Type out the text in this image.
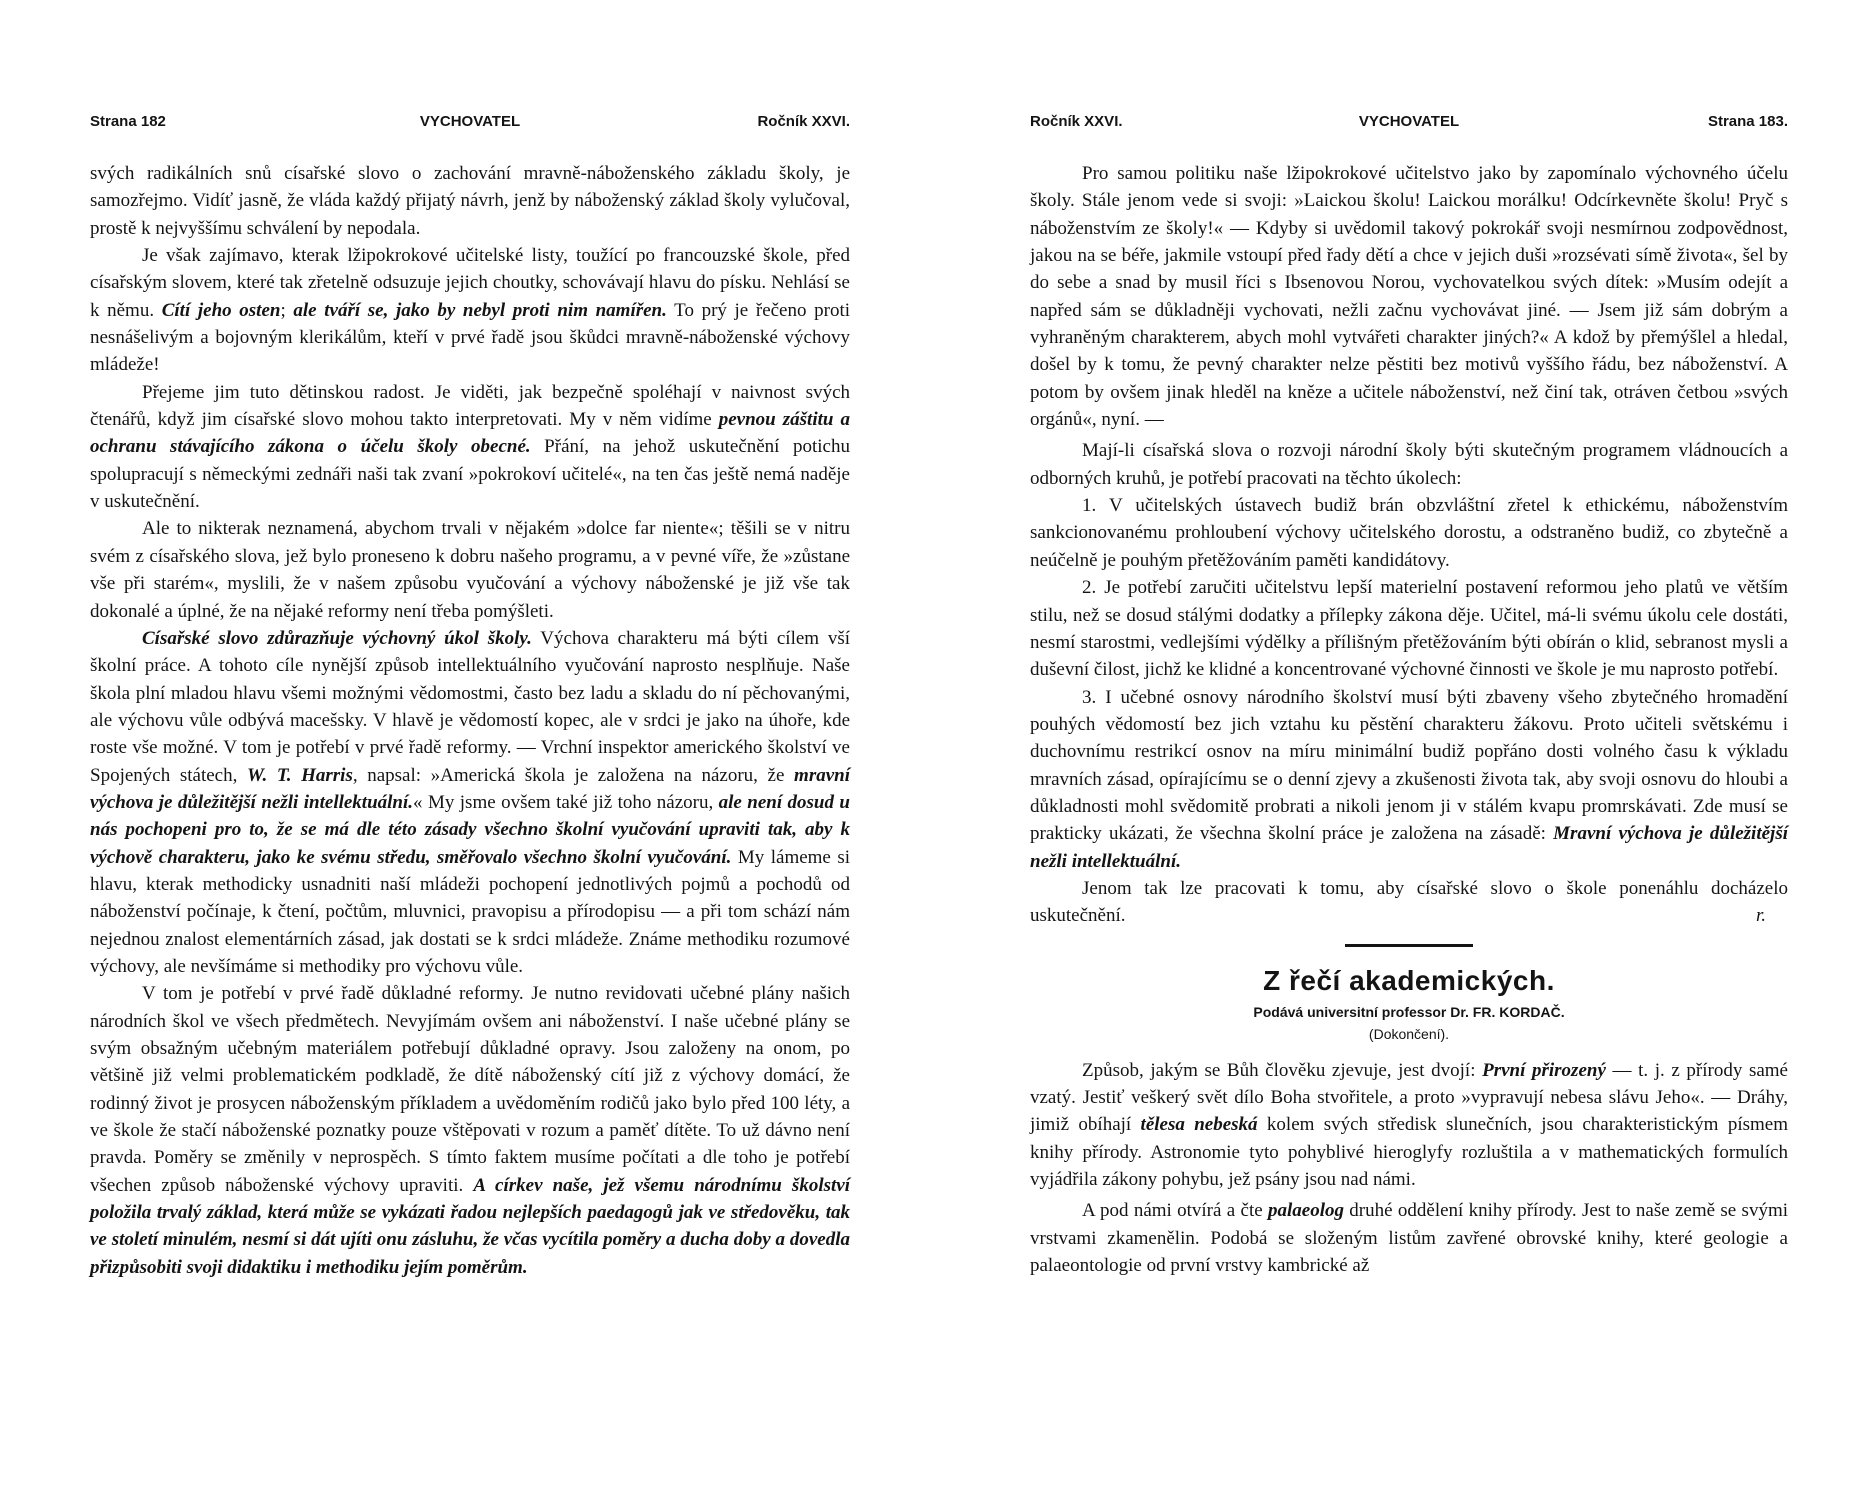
Strana 182	VYCHOVATEL	Ročník XXVI.

svých radikálních snů císařské slovo o zachování mravně-náboženského základu školy, je samozřejmo. Vidíť jasně, že vláda každý přijatý návrh, jenž by náboženský základ školy vylučoval, prostě k nejvyššímu schválení by nepodala.

Je však zajímavo, kterak lžipokrokové učitelské listy, toužící po francouzské škole, před císařským slovem, které tak zřetelně odsuzuje jejich choutky, schovávají hlavu do písku. Nehlásí se k němu. Cítí jeho osten; ale tváří se, jako by nebyl proti nim namířen. To prý je řečeno proti nesnášelivým a bojovným klerikálům, kteří v prvé řadě jsou škůdci mravně-náboženské výchovy mládeže!

Přejeme jim tuto dětinskou radost. Je viděti, jak bezpečně spoléhají v naivnost svých čtenářů, když jim císařské slovo mohou takto interpretovati. My v něm vidíme pevnou záštitu a ochranu stávajícího zákona o účelu školy obecné. Přání, na jehož uskutečnění potichu spolupracují s německými zednáři naši tak zvaní »pokrokoví učitelé«, na ten čas ještě nemá naděje v uskutečnění.

Ale to nikterak neznamená, abychom trvali v nějakém »dolce far niente«; těšili se v nitru svém z císařského slova, jež bylo proneseno k dobru našeho programu, a v pevné víře, že »zůstane vše při starém«, myslili, že v našem způsobu vyučování a výchovy náboženské je již vše tak dokonalé a úplné, že na nějaké reformy není třeba pomýšleti.

Císařské slovo zdůrazňuje výchovný úkol školy. Výchova charakteru má býti cílem vší školní práce. A tohoto cíle nynější způsob intellektuálního vyučování naprosto nesplňuje. Naše škola plní mladou hlavu všemi možnými vědomostmi, často bez ladu a skladu do ní pěchovanými, ale výchovu vůle odbývá macešsky. V hlavě je vědomostí kopec, ale v srdci je jako na úhoře, kde roste vše možné. V tom je potřebí v prvé řadě reformy. — Vrchní inspektor amerického školství ve Spojených státech, W. T. Harris, napsal: »Americká škola je založena na názoru, že mravní výchova je důležitější nežli intellektuální.« My jsme ovšem také již toho názoru, ale není dosud u nás pochopeni pro to, že se má dle této zásady všechno školní vyučování upraviti tak, aby k výchově charakteru, jako ke svému středu, směřovalo všechno školní vyučování. My lámeme si hlavu, kterak methodicky usnadniti naší mládeži pochopení jednotlivých pojmů a pochodů od náboženství počínaje, k čtení, počtům, mluvnici, pravopisu a přírodopisu — a při tom schází nám nejednou znalost elementárních zásad, jak dostati se k srdci mládeže. Známe methodiku rozumové výchovy, ale nevšímáme si methodiky pro výchovu vůle.

V tom je potřebí v prvé řadě důkladné reformy. Je nutno revidovati učebné plány našich národních škol ve všech předmětech. Nevyjímám ovšem ani náboženství. I naše učebné plány se svým obsažným učebným materiálem potřebují důkladné opravy. Jsou založeny na onom, po většině již velmi problematickém podkladě, že dítě náboženský cítí již z výchovy domácí, že rodinný život je prosycen náboženským příkladem a uvědoměním rodičů jako bylo před 100 léty, a ve škole že stačí náboženské poznatky pouze vštěpovati v rozum a paměť dítěte. To už dávno není pravda. Poměry se změnily v neprospěch. S tímto faktem musíme počítati a dle toho je potřebí všechen způsob náboženské výchovy upraviti. A církev naše, jež všemu národnímu školství položila trvalý základ, která může se vykázati řadou nejlepších paedagogů jak ve středověku, tak ve století minulém, nesmí si dát ujíti onu zásluhu, že včas vycítila poměry a ducha doby a dovedla přizpůsobiti svoji didaktiku i methodiku jejím poměrům.

Ročník XXVI.	VYCHOVATEL	Strana 183.

Pro samou politiku naše lžipokrokové učitelstvo jako by zapomínalo výchovného účelu školy. Stále jenom vede si svoji: »Laickou školu! Laickou morálku! Odcírkevněte školu! Pryč s náboženstvím ze školy!« — Kdyby si uvědomil takový pokrokář svoji nesmírnou zodpovědnost, jakou na se béře, jakmile vstoupí před řady dětí a chce v jejich duši »rozsévati símě života«, šel by do sebe a snad by musil říci s Ibsenovou Norou, vychovatelkou svých dítek: »Musím odejít a napřed sám se důkladněji vychovati, nežli začnu vychovávat jiné. — Jsem již sám dobrým a vyhraněným charakterem, abych mohl vytvářeti charakter jiných?« A kdož by přemýšlel a hledal, došel by k tomu, že pevný charakter nelze pěstiti bez motivů vyššího řádu, bez náboženství. A potom by ovšem jinak hleděl na kněze a učitele náboženství, než činí tak, otráven četbou »svých orgánů«, nyní. —

Mají-li císařská slova o rozvoji národní školy býti skutečným programem vládnoucích a odborných kruhů, je potřebí pracovati na těchto úkolech:

1. V učitelských ústavech budiž brán obzvláštní zřetel k ethickému, náboženstvím sankcionovanému prohloubení výchovy učitelského dorostu, a odstraněno budiž, co zbytečně a neúčelně je pouhým přetěžováním paměti kandidátovy.

2. Je potřebí zaručiti učitelstvu lepší materielní postavení reformou jeho platů ve větším stilu, než se dosud stálými dodatky a přílepky zákona děje. Učitel, má-li svému úkolu cele dostáti, nesmí starostmi, vedlejšími výdělky a přílišným přetěžováním býti obírán o klid, sebranost mysli a duševní čilost, jichž ke klidné a koncentrované výchovné činnosti ve škole je mu naprosto potřebí.

3. I učebné osnovy národního školství musí býti zbaveny všeho zbytečného hromadění pouhých vědomostí bez jich vztahu ku pěstění charakteru žákovu. Proto učiteli světskému i duchovnímu restrikcí osnov na míru minimální budiž popřáno dosti volného času k výkladu mravních zásad, opírajícímu se o denní zjevy a zkušenosti života tak, aby svoji osnovu do hloubi a důkladnosti mohl svědomitě probrati a nikoli jenom ji v stálém kvapu promrskávati. Zde musí se prakticky ukázati, že všechna školní práce je založena na zásadě: Mravní výchova je důležitější nežli intellektuální.

Jenom tak lze pracovati k tomu, aby císařské slovo o škole ponenáhlu docházelo uskutečnění.	r.

Z řečí akademických.

Podává universitní professor Dr. FR. KORDAČ.

(Dokončení).

Způsob, jakým se Bůh člověku zjevuje, jest dvojí: První přirozený — t. j. z přírody samé vzatý. Jestiť veškerý svět dílo Boha stvořitele, a proto »vypravují nebesa slávu Jeho«. — Dráhy, jimiž obíhají tělesa nebeská kolem svých středisk slunečních, jsou charakteristickým písmem knihy přírody. Astronomie tyto pohyblivé hieroglyfy rozluštila a v mathematických formulích vyjádřila zákony pohybu, jež psány jsou nad námi.

A pod námi otvírá a čte palaeolog druhé oddělení knihy přírody. Jest to naše země se svými vrstvami zkamenělin. Podobá se složeným listům zavřené obrovské knihy, které geologie a palaeontologie od první vrstvy kambrické až
